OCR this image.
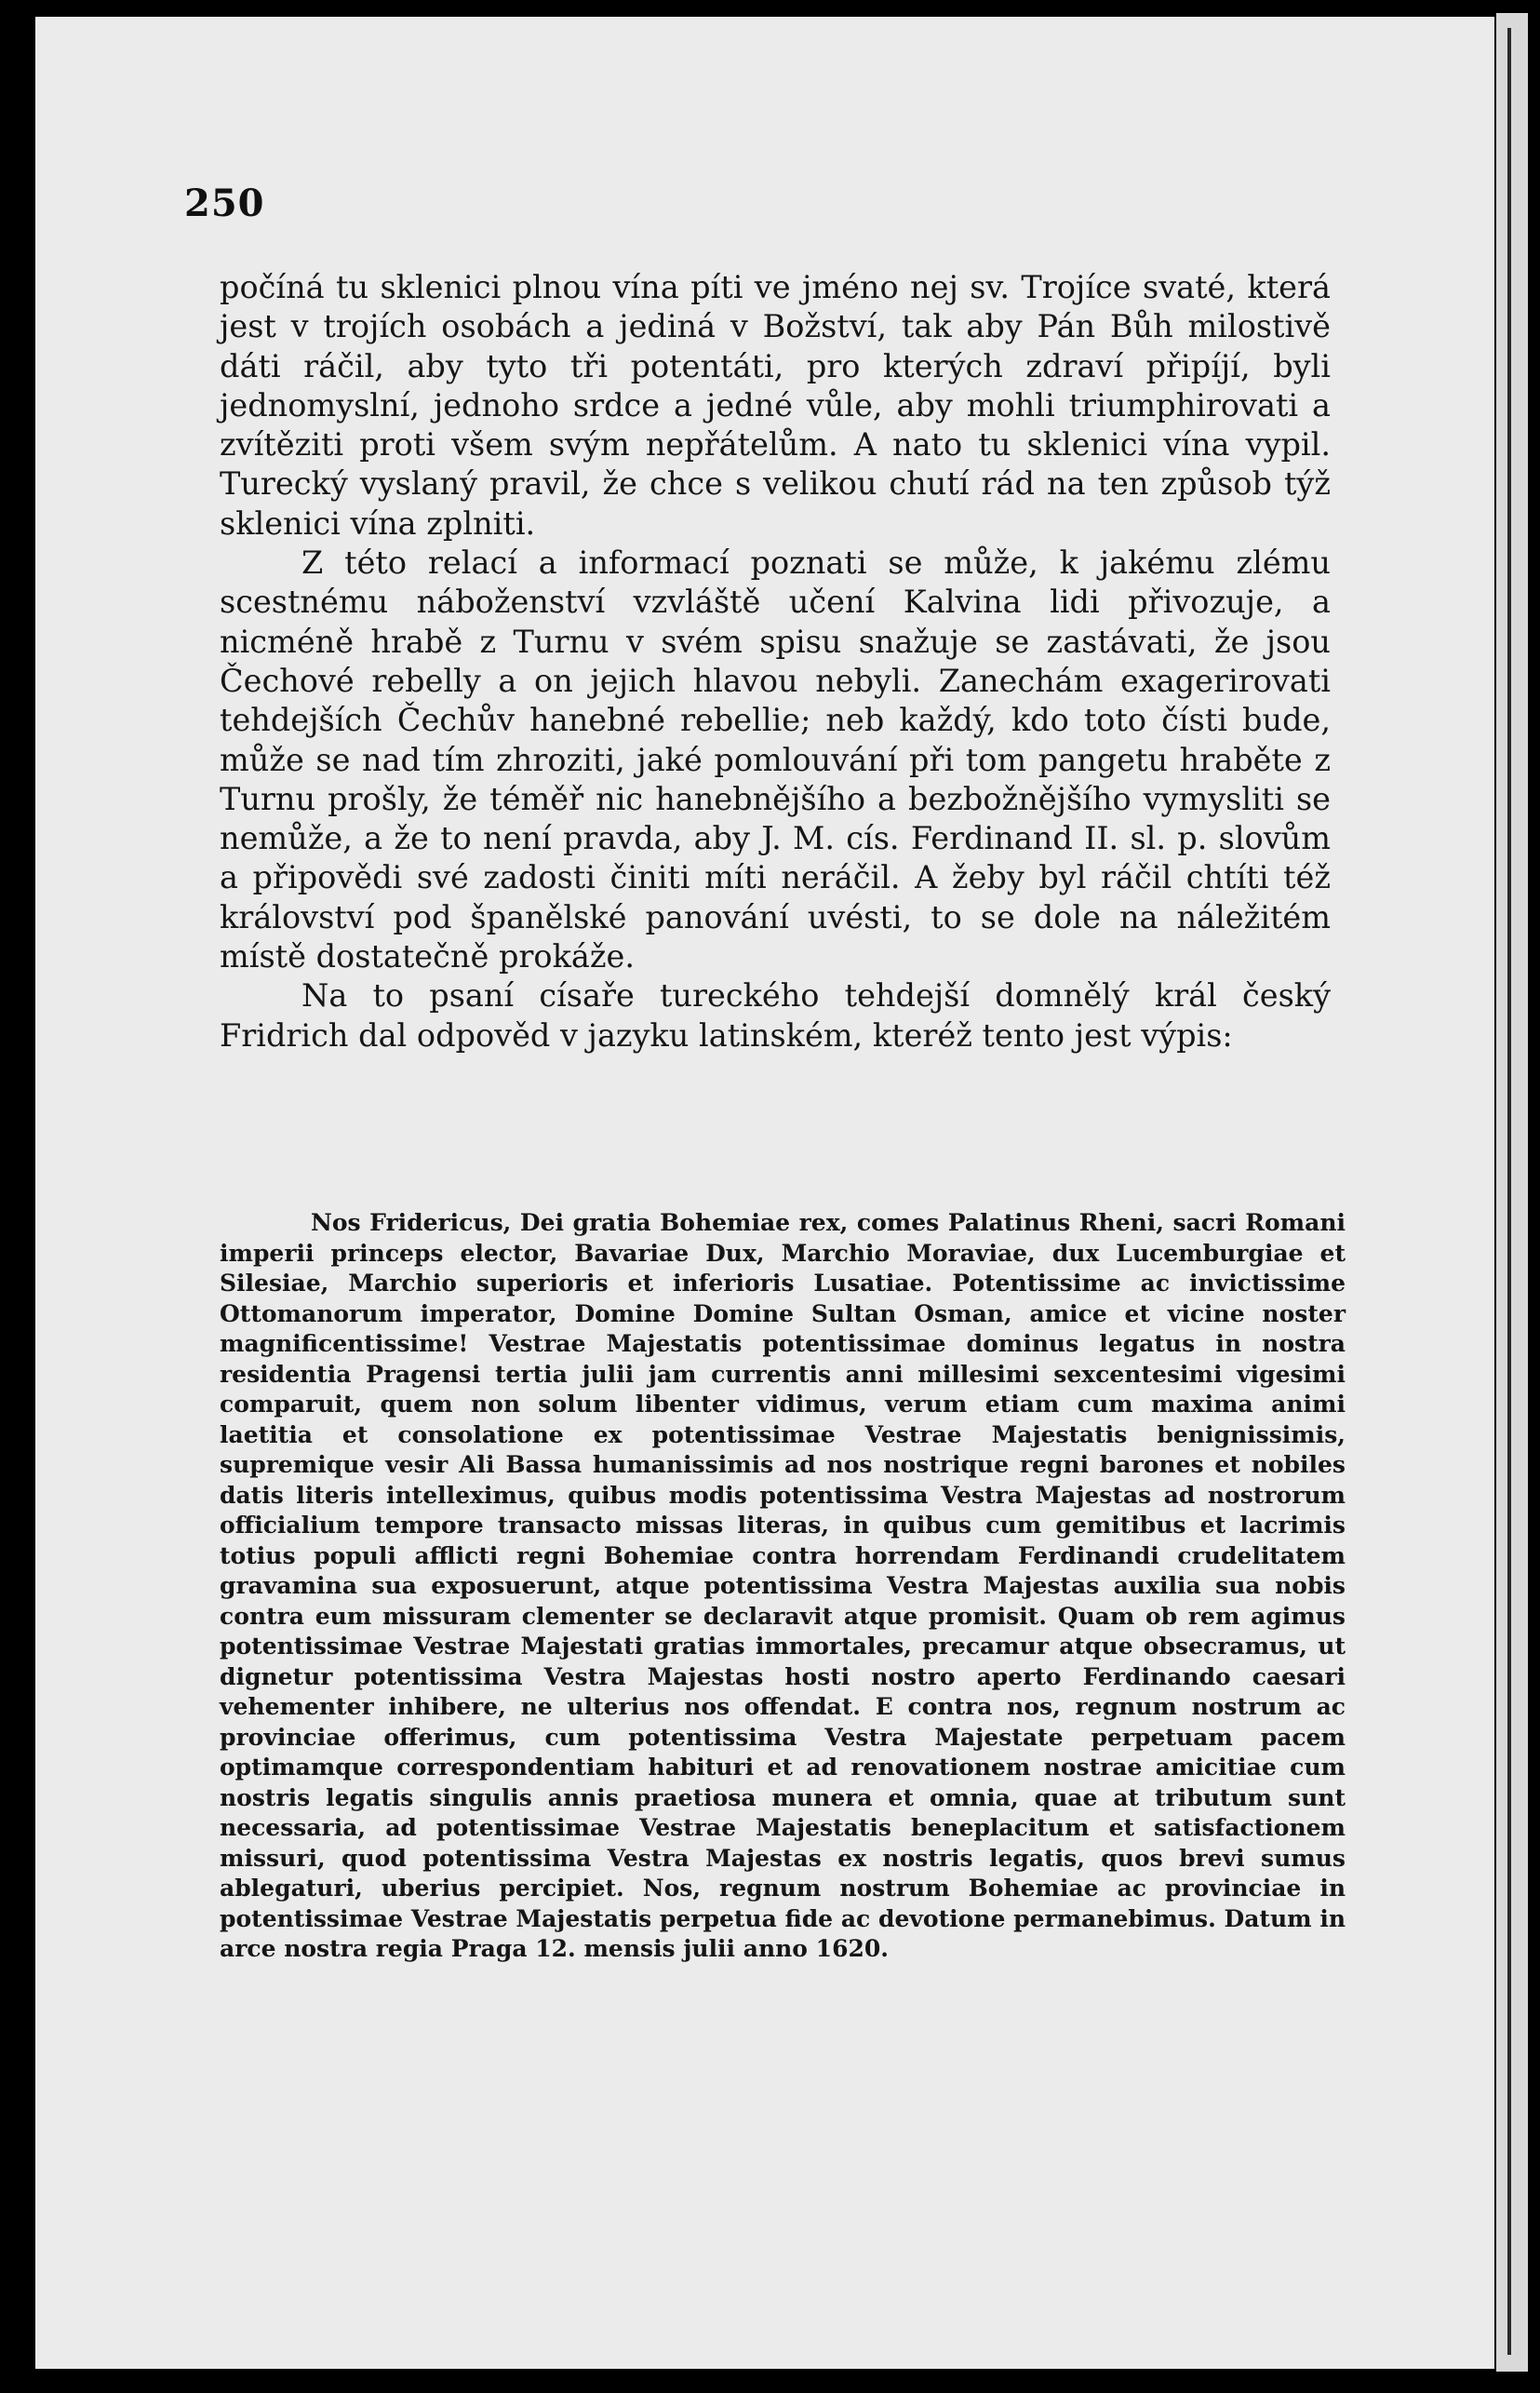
250

počíná tu sklenici plnou vína píti ve jméno nej sv. Trojíce svaté, která jest v trojích osobách a jediná v Božství, tak aby Pán Bůh milostivě dáti ráčil, aby tyto tři potentáti, pro kterých zdraví připíjí, byli jednomyslní, jednoho srdce a jedné vůle, aby mohli triumphirovati a zvítěziti proti všem svým nepřátelům. A nato tu sklenici vína vypil. Turecký vyslaný pravil, že chce s velikou chutí rád na ten způsob týž sklenici vína zplniti.

Z této relací a informací poznati se může, k jakému zlému scestnému náboženství vzvláště učení Kalvina lidi přivozuje, a nicméně hrabě z Turnu v svém spisu snažuje se zastávati, že jsou Čechové rebelly a on jejich hlavou nebyli. Zanechám exagerirovati tehdejších Čechův hanebné rebellie; neb každý, kdo toto čísti bude, může se nad tím zhroziti, jaké pomlouvání při tom pangetu hraběte z Turnu prošly, že téměř nic hanebnějšího a bezbožnějšího vymysliti se nemůže, a že to není pravda, aby J. M. cís. Ferdinand II. sl. p. slovům a připovědi své zadosti činiti míti neráčil. A žeby byl ráčil chtíti též království pod španělské panování uvésti, to se dole na náležitém místě dostatečně prokáže.

Na to psaní císaře tureckého tehdejší domnělý král český Fridrich dal odpověd v jazyku latinském, kteréž tento jest výpis:

Nos Fridericus, Dei gratia Bohemiae rex, comes Palatinus Rheni, sacri Romani imperii princeps elector, Bavariae Dux, Marchio Moraviae, dux Lucemburgiae et Silesiae, Marchio superioris et inferioris Lusatiae. Potentissime ac invictissime Ottomanorum imperator, Domine Domine Sultan Osman, amice et vicine noster magnificentissime! Vestrae Majestatis potentissimae dominus legatus in nostra residentia Pragensi tertia julii jam currentis anni millesimi sexcentesimi vigesimi comparuit, quem non solum libenter vidimus, verum etiam cum maxima animi laetitia et consolatione ex potentissimae Vestrae Majestatis benignissimis, supremique vesir Ali Bassa humanissimis ad nos nostrique regni barones et nobiles datis literis intelleximus, quibus modis potentissima Vestra Majestas ad nostrorum officialium tempore transacto missas literas, in quibus cum gemitibus et lacrimis totius populi afflicti regni Bohemiae contra horrendam Ferdinandi crudelitatem gravamina sua exposuerunt, atque potentissima Vestra Majestas auxilia sua nobis contra eum missuram clementer se declaravit atque promisit. Quam ob rem agimus potentissimae Vestrae Majestati gratias immortales, precamur atque obsecramus, ut dignetur potentissima Vestra Majestas hosti nostro aperto Ferdinando caesari vehementer inhibere, ne ulterius nos offendat. E contra nos, regnum nostrum ac provinciae offerimus, cum potentissima Vestra Majestate perpetuam pacem optimamque correspondentiam habituri et ad renovationem nostrae amicitiae cum nostris legatis singulis annis praetiosa munera et omnia, quae at tributum sunt necessaria, ad potentissimae Vestrae Majestatis beneplacitum et satisfactionem missuri, quod potentissima Vestra Majestas ex nostris legatis, quos brevi sumus ablegaturi, uberius percipiet. Nos, regnum nostrum Bohemiae ac provinciae in potentissimae Vestrae Majestatis perpetua fide ac devotione permanebimus. Datum in arce nostra regia Praga 12. mensis julii anno 1620.
